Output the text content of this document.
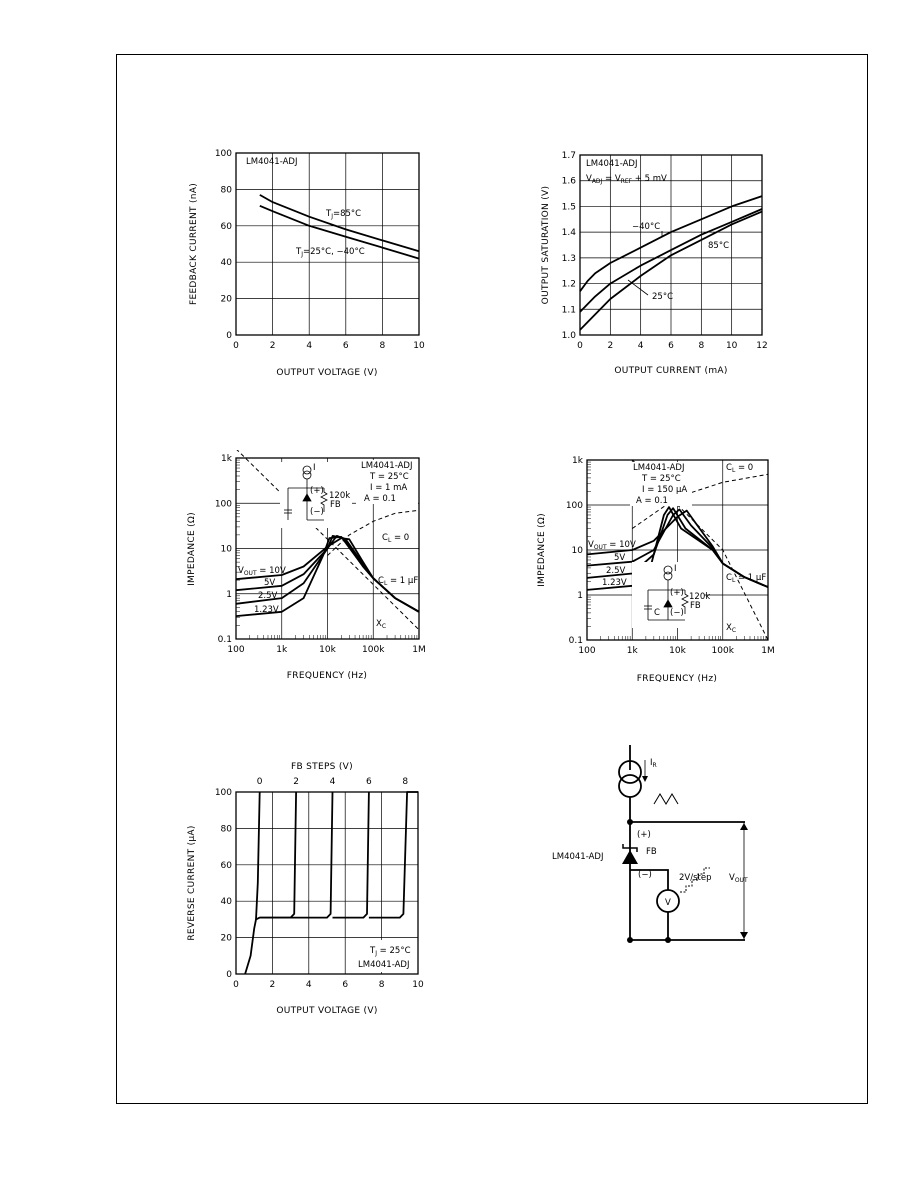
LM4041-ADJ
$T_J=85^\circ C$
$T_J=25^\circ C$, −40°C
OUTPUT VOLTAGE (V)
FEEDBACK CURRENT (nA)
0	2	4	6	8	10
0
20
40
60
80
100
LM4041-ADJ
$V_{ADJ} = V_{REF} + 5$ mV
−40°C
85°C
25°C
OUTPUT CURRENT (mA)
OUTPUT SATURATION (V)
0	2	4	6	8 10 12
1.0
1.1
1.2
1.3
1.4
1.5
1.6
1.7
LM4041-ADJ
T = 25°C
I = 1 mA
A = 0.1
I
(+)
(−)
120k
FB
$V_{OUT} = 10V$
5V
2.5V
1.23V
$C_L = 0$
$C_L = 1$ μF
$X_C$
FREQUENCY (Hz)
IMPEDANCE (Ω)
100	1k	10k	100k	1M
0.1
1
10
100
1k
LM4041-ADJ
T = 25°C
I = 150 μA
A = 0.1
I
(+)
(−)
120k
FB
C
$C_L = 0$
$V_{OUT} = 10V$
5V
2.5V
1.23V	$C_L = 1$ μF
$X_C$
FREQUENCY (Hz)
IMPEDANCE (Ω)
100	1k	10k	100k	1M
0.1
1
10
100
1k
FB STEPS (V)
$T_J = 25^\circ C$
LM4041-ADJ
OUTPUT VOLTAGE (V)
REVERSE CURRENT (μA)
0	2	4	6	8	10
0
20
40
60
80
100
0	2	4	6	8
$I_R$
(+)
(−)
FB
LM4041-ADJ
2V/step
V
$V_{OUT}$
